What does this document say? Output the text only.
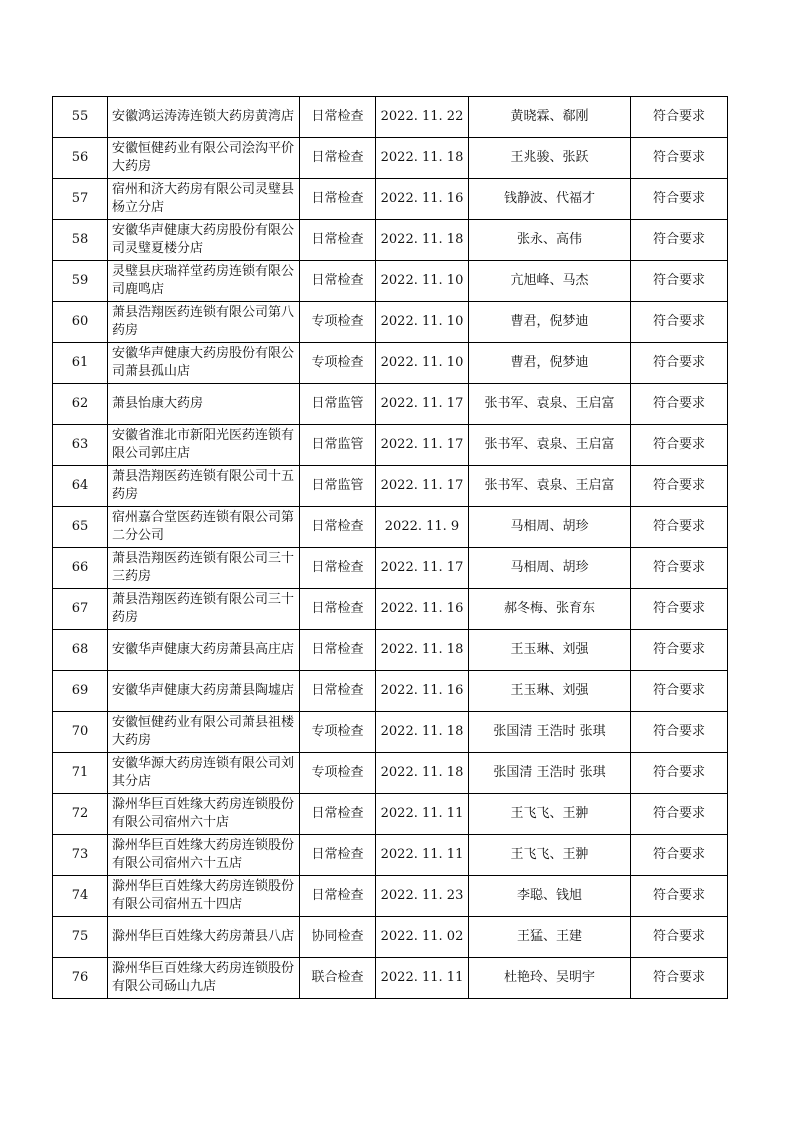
55	安徽鸿运涛涛连锁大药房黄湾店	日常检查	2022. 11. 22	黄晓霖、郗刚	符合要求
56	安徽恒健药业有限公司浍沟平价大药房	日常检查	2022. 11. 18	王兆骏、张跃	符合要求
57	宿州和济大药房有限公司灵璧县杨立分店	日常检查	2022. 11. 16	钱静波、代福才	符合要求
58	安徽华声健康大药房股份有限公司灵璧夏楼分店	日常检查	2022. 11. 18	张永、高伟	符合要求
59	灵璧县庆瑞祥堂药房连锁有限公司鹿鸣店	日常检查	2022. 11. 10	亢旭峰、马杰	符合要求
60	萧县浩翔医药连锁有限公司第八药房	专项检查	2022. 11. 10	曹君，倪梦迪	符合要求
61	安徽华声健康大药房股份有限公司萧县孤山店	专项检查	2022. 11. 10	曹君，倪梦迪	符合要求
62	萧县怡康大药房	日常监管	2022. 11. 17	张书军、袁泉、王启富	符合要求
63	安徽省淮北市新阳光医药连锁有限公司郭庄店	日常监管	2022. 11. 17	张书军、袁泉、王启富	符合要求
64	萧县浩翔医药连锁有限公司十五药房	日常监管	2022. 11. 17	张书军、袁泉、王启富	符合要求
65	宿州嘉合堂医药连锁有限公司第二分公司	日常检查	2022. 11. 9	马相周、胡珍	符合要求
66	萧县浩翔医药连锁有限公司三十三药房	日常检查	2022. 11. 17	马相周、胡珍	符合要求
67	萧县浩翔医药连锁有限公司三十药房	日常检查	2022. 11. 16	郝冬梅、张育东	符合要求
68	安徽华声健康大药房萧县高庄店	日常检查	2022. 11. 18	王玉琳、刘强	符合要求
69	安徽华声健康大药房萧县陶墟店	日常检查	2022. 11. 16	王玉琳、刘强	符合要求
70	安徽恒健药业有限公司萧县祖楼大药房	专项检查	2022. 11. 18	张国清 王浩时 张琪	符合要求
71	安徽华源大药房连锁有限公司刘其分店	专项检查	2022. 11. 18	张国清 王浩时 张琪	符合要求
72	滁州华巨百姓缘大药房连锁股份有限公司宿州六十店	日常检查	2022. 11. 11	王飞飞、王翀	符合要求
73	滁州华巨百姓缘大药房连锁股份有限公司宿州六十五店	日常检查	2022. 11. 11	王飞飞、王翀	符合要求
74	滁州华巨百姓缘大药房连锁股份有限公司宿州五十四店	日常检查	2022. 11. 23	李聪、钱旭	符合要求
75	滁州华巨百姓缘大药房萧县八店	协同检查	2022. 11. 02	王猛、王建	符合要求
76	滁州华巨百姓缘大药房连锁股份有限公司砀山九店	联合检查	2022. 11. 11	杜艳玲、吴明宇	符合要求
